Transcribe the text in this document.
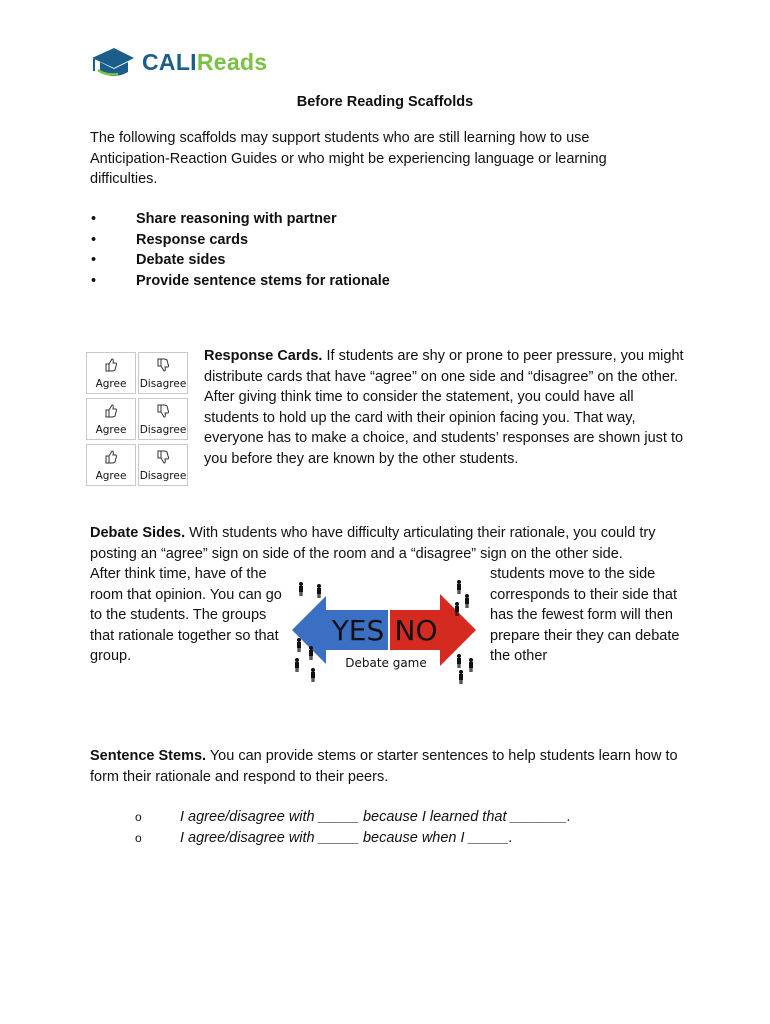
CALIReads
Before Reading Scaffolds
The following scaffolds may support students who are still learning how to use Anticipation-Reaction Guides or who might be experiencing language or learning difficulties.
•	Share reasoning with partner
•	Response cards
•	Debate sides
•	Provide sentence stems for rationale
Agree	Disagree
Agree	Disagree
Agree	Disagree
Response Cards. If students are shy or prone to peer pressure, you might distribute cards that have “agree” on one side and “disagree” on the other. After giving think time to consider the statement, you could have all students to hold up the card with their opinion facing you. That way, everyone has to make a choice, and students’ responses are shown just to you before they are known by the other students.
Debate Sides. With students who have difficulty articulating their rationale, you could try posting an “agree” sign on side of the room and a “disagree” sign on the other side.
After think time, have of the room that opinion. You can go to the students. The groups that rationale together so that group.
students move to the side corresponds to their side that has the fewest form will then prepare their they can debate the other
YES NO
Debate game
Sentence Stems. You can provide stems or starter sentences to help students learn how to form their rationale and respond to their peers.
o	I agree/disagree with _____ because I learned that _______.
o	I agree/disagree with _____ because when I _____.
